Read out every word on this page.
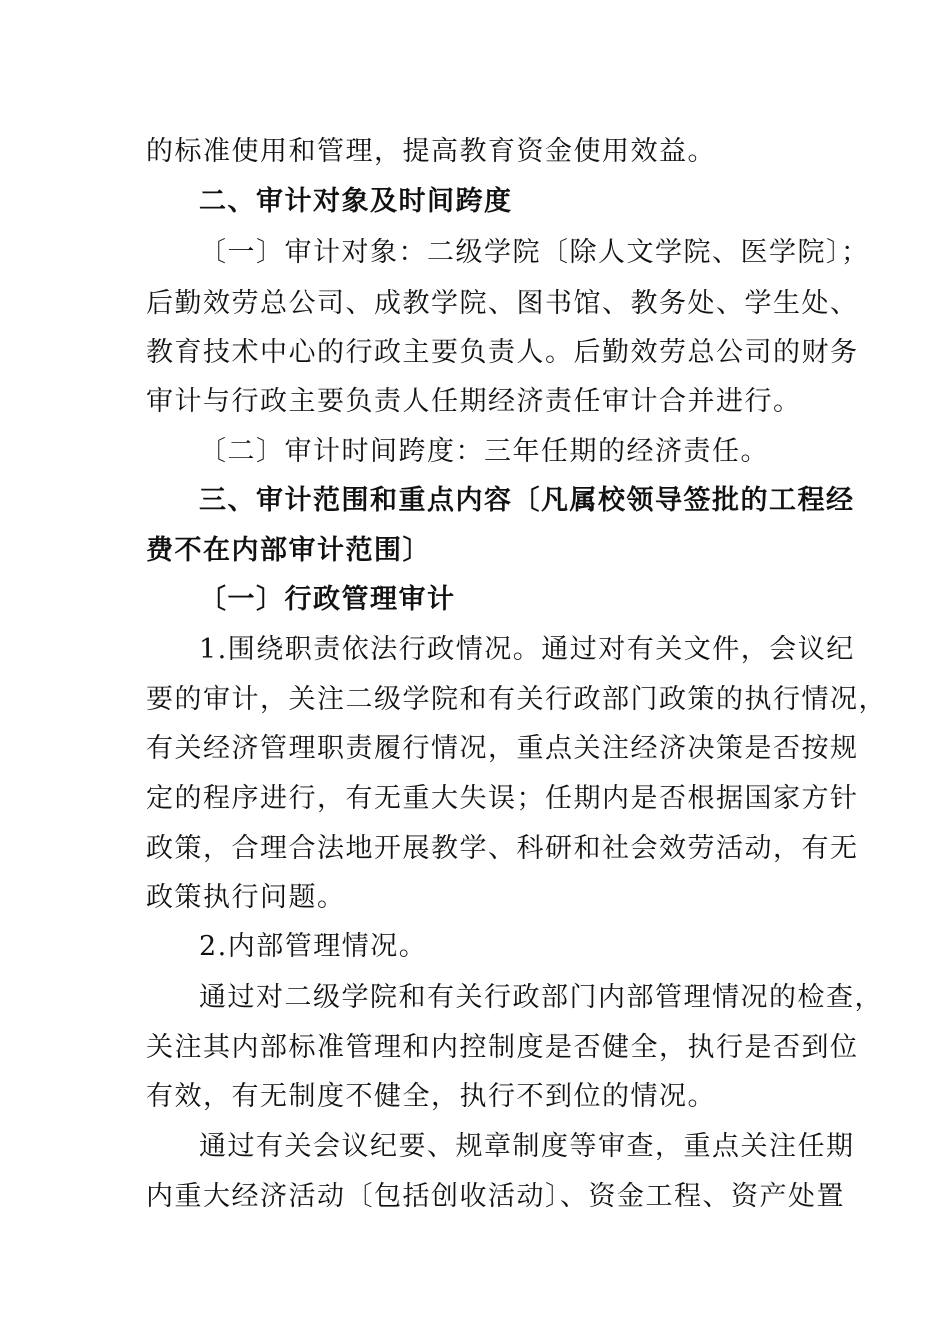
的标准使用和管理，提高教育资金使用效益。
二、审计对象及时间跨度
〔一〕审计对象：二级学院〔除人文学院、医学院〕；
后勤效劳总公司、成教学院、图书馆、教务处、学生处、
教育技术中心的行政主要负责人。后勤效劳总公司的财务
审计与行政主要负责人任期经济责任审计合并进行。
〔二〕审计时间跨度：三年任期的经济责任。
三、审计范围和重点内容〔凡属校领导签批的工程经
费不在内部审计范围〕
〔一〕行政管理审计
1.围绕职责依法行政情况。通过对有关文件，会议纪
要的审计，关注二级学院和有关行政部门政策的执行情况，
有关经济管理职责履行情况，重点关注经济决策是否按规
定的程序进行，有无重大失误；任期内是否根据国家方针
政策，合理合法地开展教学、科研和社会效劳活动，有无
政策执行问题。
2.内部管理情况。
通过对二级学院和有关行政部门内部管理情况的检查，
关注其内部标准管理和内控制度是否健全，执行是否到位
有效，有无制度不健全，执行不到位的情况。
通过有关会议纪要、规章制度等审查，重点关注任期
内重大经济活动〔包括创收活动〕、资金工程、资产处置
